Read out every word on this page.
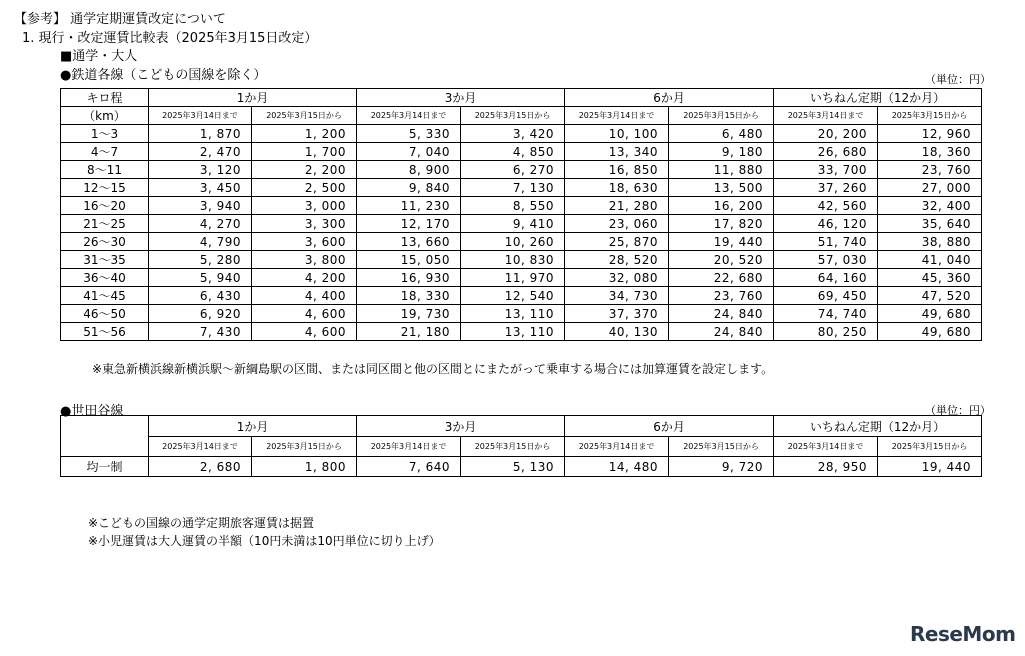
【参考】 通学定期運賃改定について
1. 現行・改定運賃比較表（2025年3月15日改定）
■通学・大人
●鉄道各線（こどもの国線を除く）	（単位：円）
キロ程	1か月		3か月		6か月		いちねん定期（12か月）	
（km）	2025年3月14日まで	2025年3月15日から	2025年3月14日まで	2025年3月15日から	2025年3月14日まで	2025年3月15日から	2025年3月14日まで	2025年3月15日から
1～3	1, 870	1, 200	5, 330	3, 420	10, 100	6, 480	20, 200	12, 960
4～7	2, 470	1, 700	7, 040	4, 850	13, 340	9, 180	26, 680	18, 360
8～11	3, 120	2, 200	8, 900	6, 270	16, 850	11, 880	33, 700	23, 760
12～15	3, 450	2, 500	9, 840	7, 130	18, 630	13, 500	37, 260	27, 000
16～20	3, 940	3, 000	11, 230	8, 550	21, 280	16, 200	42, 560	32, 400
21～25	4, 270	3, 300	12, 170	9, 410	23, 060	17, 820	46, 120	35, 640
26～30	4, 790	3, 600	13, 660	10, 260	25, 870	19, 440	51, 740	38, 880
31～35	5, 280	3, 800	15, 050	10, 830	28, 520	20, 520	57, 030	41, 040
36～40	5, 940	4, 200	16, 930	11, 970	32, 080	22, 680	64, 160	45, 360
41～45	6, 430	4, 400	18, 330	12, 540	34, 730	23, 760	69, 450	47, 520
46～50	6, 920	4, 600	19, 730	13, 110	37, 370	24, 840	74, 740	49, 680
51～56	7, 430	4, 600	21, 180	13, 110	40, 130	24, 840	80, 250	49, 680
※東急新横浜線新横浜駅～新綱島駅の区間、または同区間と他の区間とにまたがって乗車する場合には加算運賃を設定します。
●世田谷線	（単位：円）
	1か月		3か月		6か月		いちねん定期（12か月）	
	2025年3月14日まで	2025年3月15日から	2025年3月14日まで	2025年3月15日から	2025年3月14日まで	2025年3月15日から	2025年3月14日まで	2025年3月15日から
均一制	2, 680	1, 800	7, 640	5, 130	14, 480	9, 720	28, 950	19, 440
※こどもの国線の通学定期旅客運賃は据置
※小児運賃は大人運賃の半額（10円未満は10円単位に切り上げ）
ReseMom
